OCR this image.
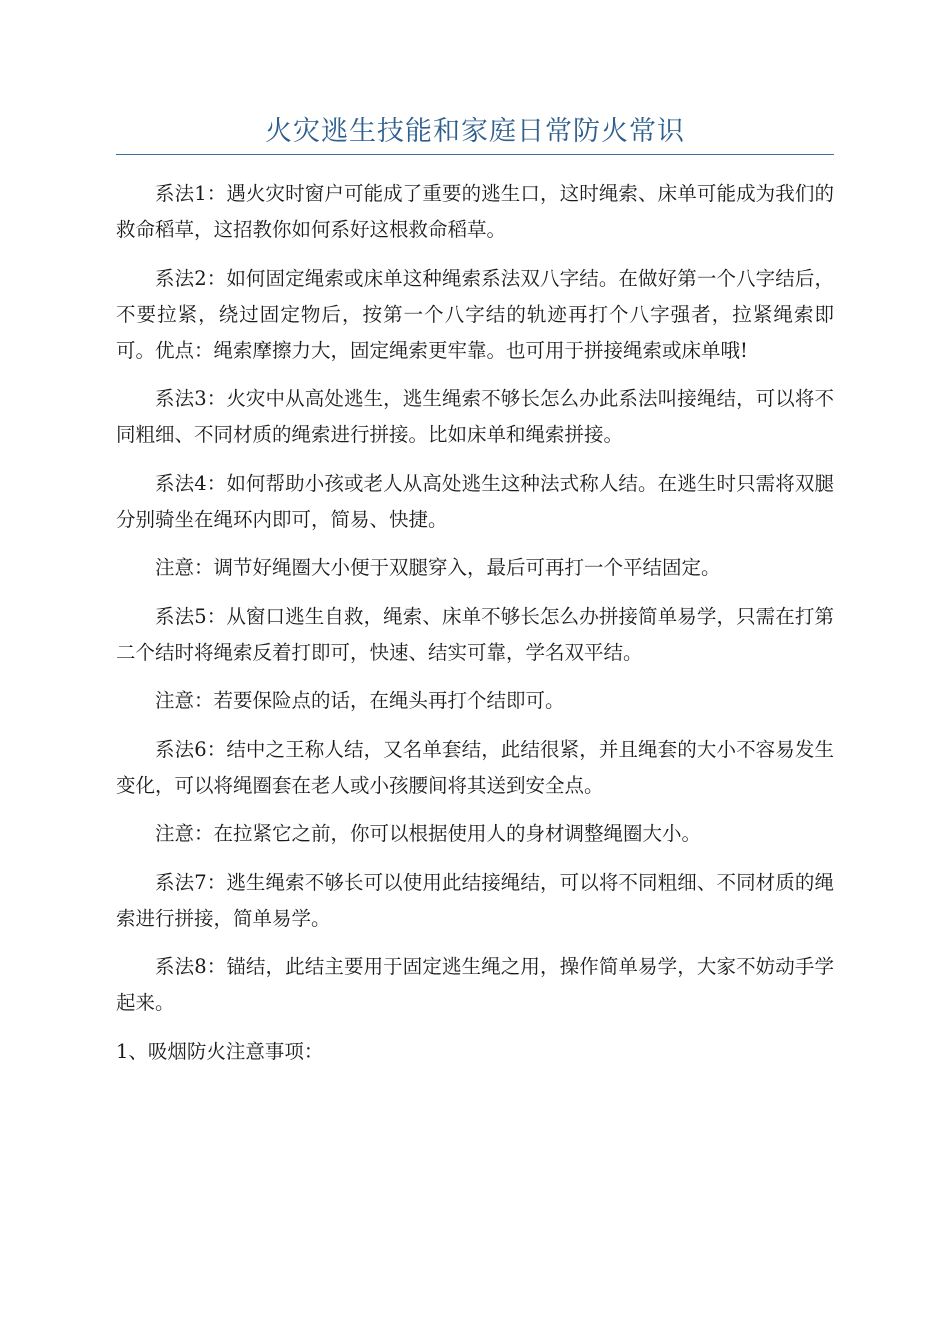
火灾逃生技能和家庭日常防火常识

系法1：遇火灾时窗户可能成了重要的逃生口，这时绳索、床单可能成为我们的救命稻草，这招教你如何系好这根救命稻草。

系法2：如何固定绳索或床单这种绳索系法双八字结。在做好第一个八字结后，不要拉紧，绕过固定物后，按第一个八字结的轨迹再打个八字强者，拉紧绳索即可。优点：绳索摩擦力大，固定绳索更牢靠。也可用于拼接绳索或床单哦!

系法3：火灾中从高处逃生，逃生绳索不够长怎么办此系法叫接绳结，可以将不同粗细、不同材质的绳索进行拼接。比如床单和绳索拼接。

系法4：如何帮助小孩或老人从高处逃生这种法式称人结。在逃生时只需将双腿分别骑坐在绳环内即可，简易、快捷。

注意：调节好绳圈大小便于双腿穿入，最后可再打一个平结固定。

系法5：从窗口逃生自救，绳索、床单不够长怎么办拼接简单易学，只需在打第二个结时将绳索反着打即可，快速、结实可靠，学名双平结。

注意：若要保险点的话，在绳头再打个结即可。

系法6：结中之王称人结，又名单套结，此结很紧，并且绳套的大小不容易发生变化，可以将绳圈套在老人或小孩腰间将其送到安全点。

注意：在拉紧它之前，你可以根据使用人的身材调整绳圈大小。

系法7：逃生绳索不够长可以使用此结接绳结，可以将不同粗细、不同材质的绳索进行拼接，简单易学。

系法8：锚结，此结主要用于固定逃生绳之用，操作简单易学，大家不妨动手学起来。

1、吸烟防火注意事项：
